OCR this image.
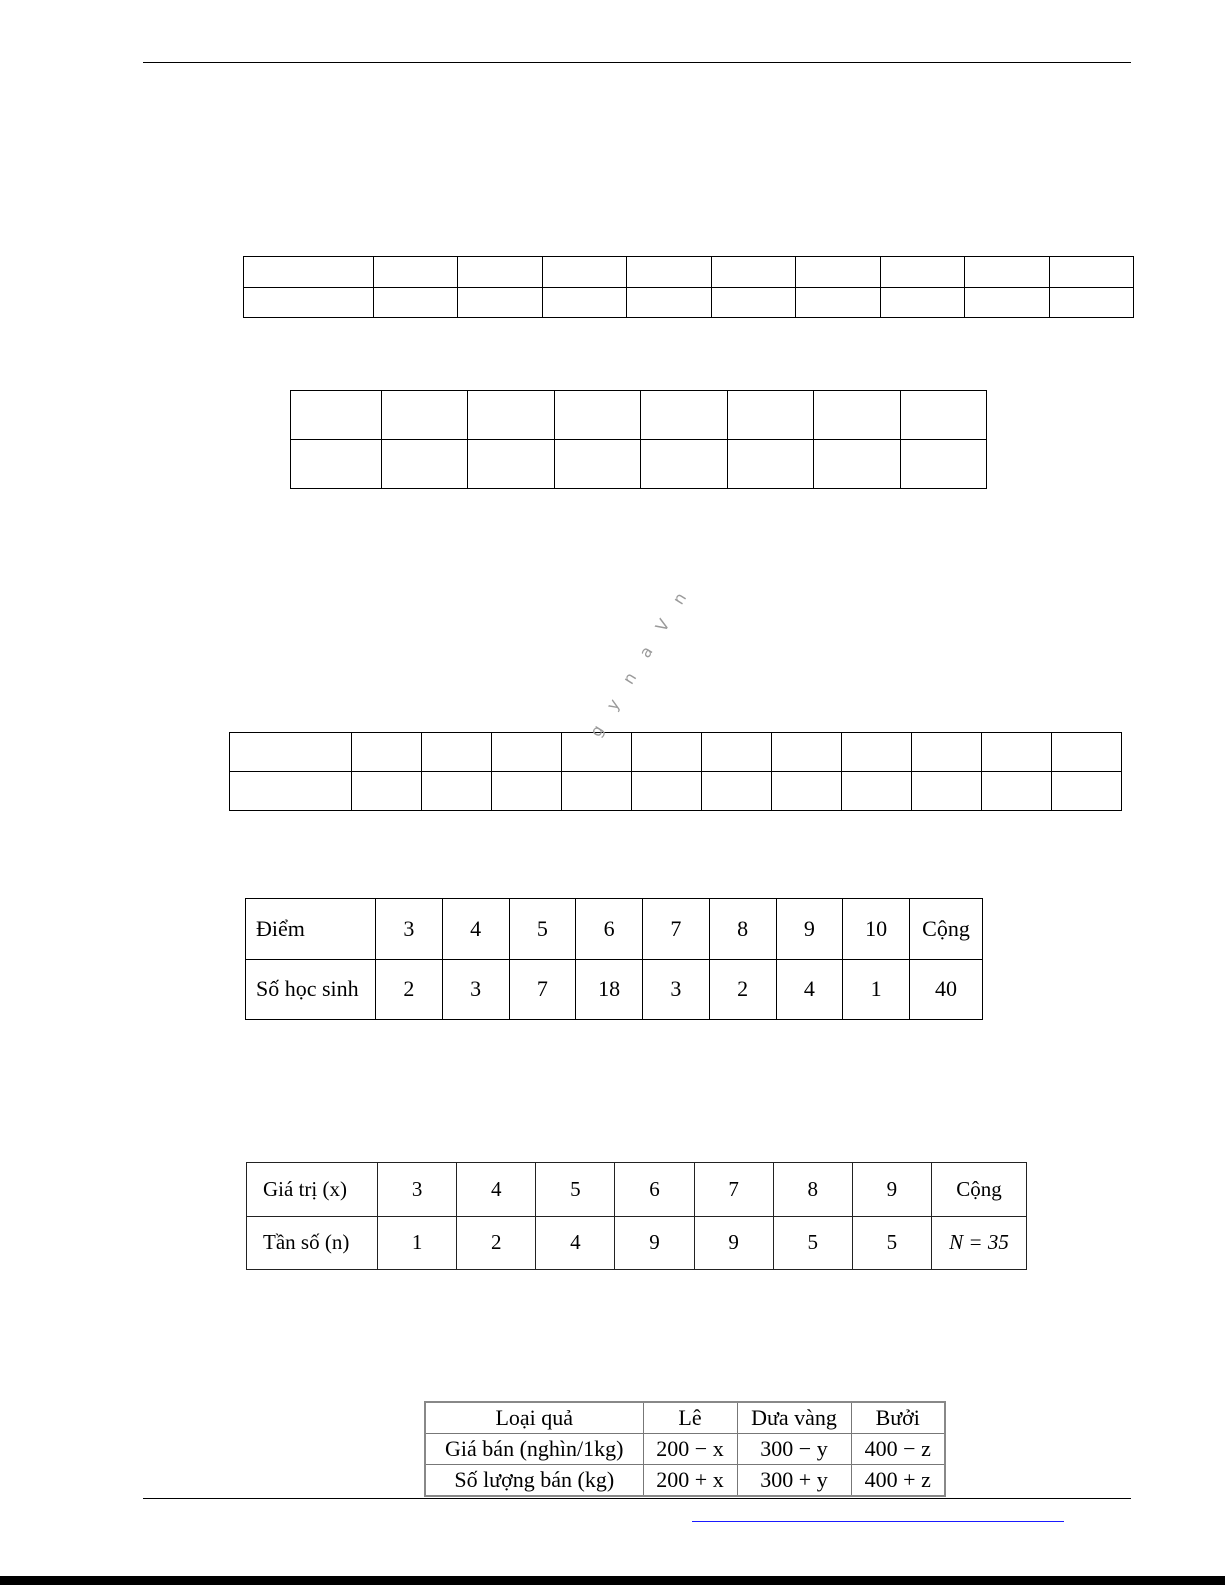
g y n a V n
Điểm	3	4	5	6	7	8	9	10	Cộng
Số học sinh	2	3	7	18	3	2	4	1	40
Giá trị (x)	3	4	5	6	7	8	9	Cộng
Tần số (n)	1	2	4	9	9	5	5	N = 35
Loại quả	Lê	Dưa vàng	Bưởi
Giá bán (nghìn/1kg)	200 − x	300 − y	400 − z
Số lượng bán (kg)	200 + x	300 + y	400 + z
